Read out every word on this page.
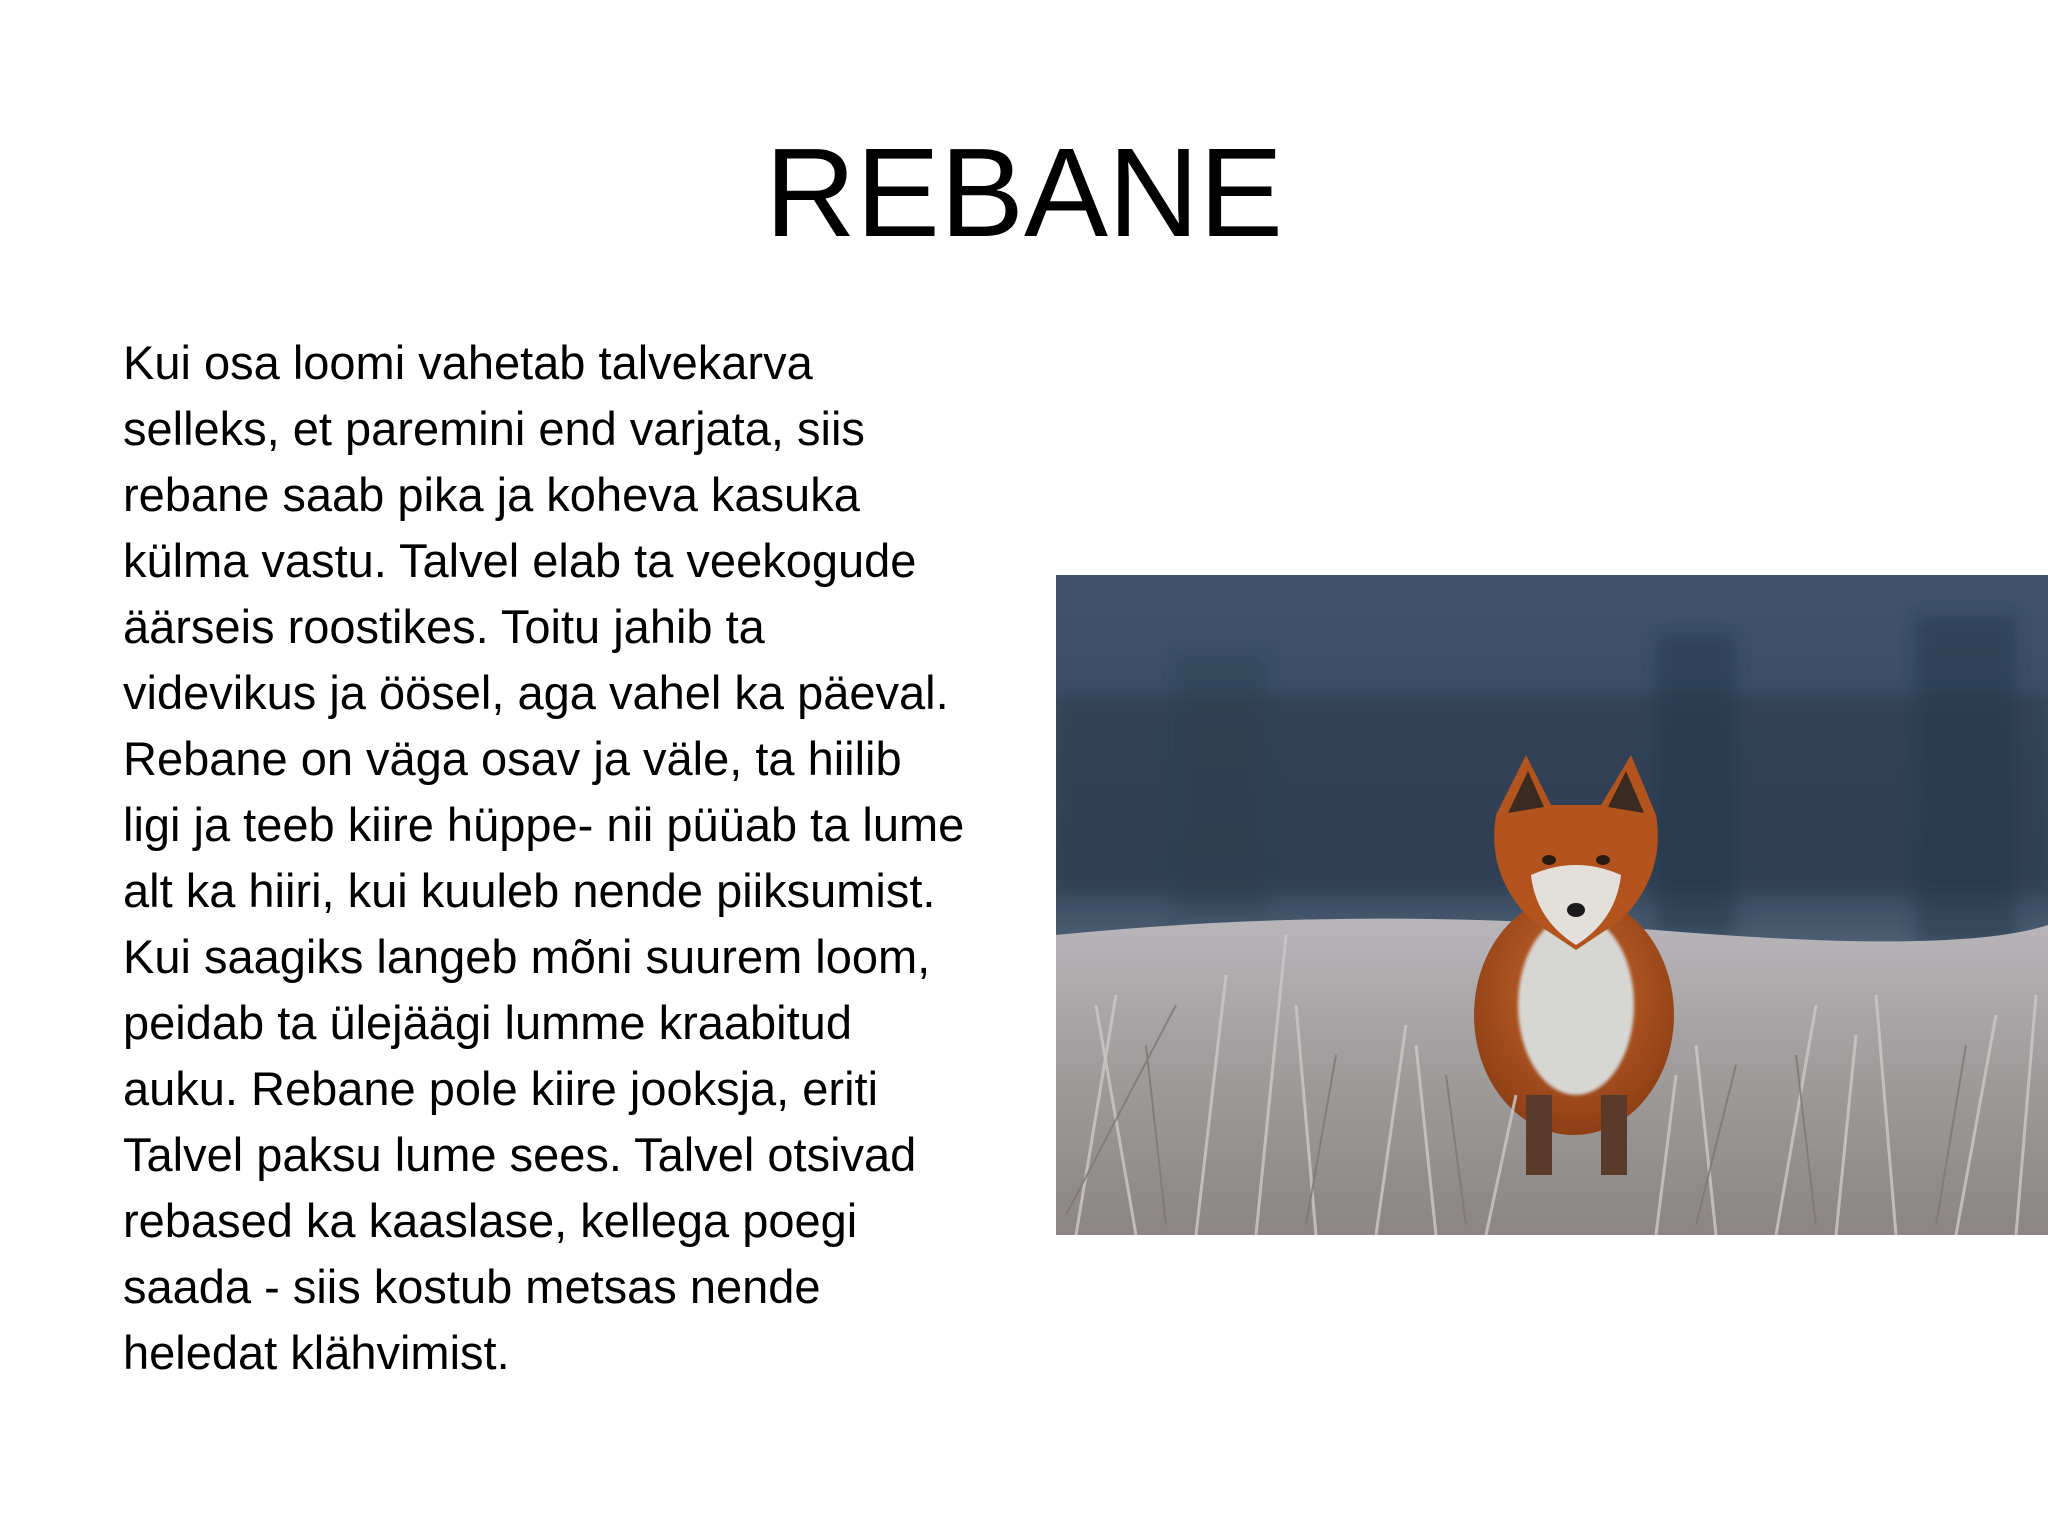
REBANE
Kui osa loomi vahetab talvekarva
selleks, et paremini end varjata, siis
rebane saab pika ja koheva kasuka
külma vastu. Talvel elab ta veekogude
äärseis roostikes. Toitu jahib ta
videvikus ja öösel, aga vahel ka päeval.
Rebane on väga osav ja väle, ta hiilib
ligi ja teeb kiire hüppe- nii püüab ta lume
alt ka hiiri, kui kuuleb nende piiksumist.
Kui saagiks langeb mõni suurem loom,
peidab ta ülejäägi lumme kraabitud
auku. Rebane pole kiire jooksja, eriti
Talvel paksu lume sees. Talvel otsivad
rebased ka kaaslase, kellega poegi
saada - siis kostub metsas nende
heledat klähvimist.
